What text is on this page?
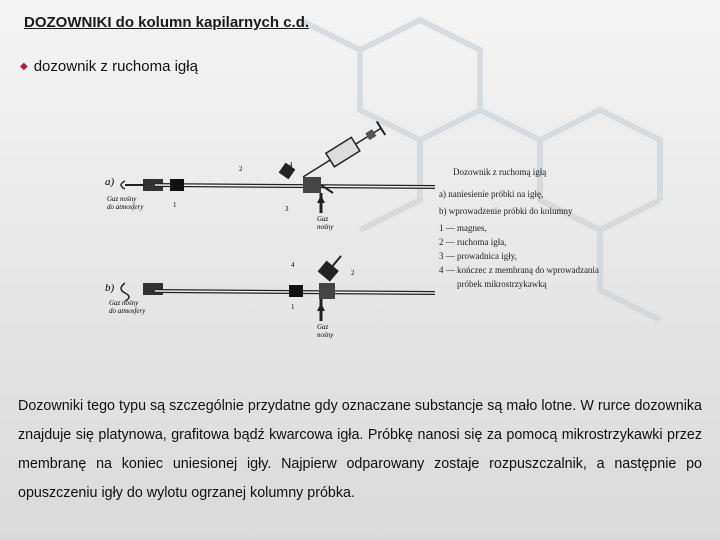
DOZOWNIKI do kolumn kapilarnych c.d.
◆ dozownik z ruchoma igłą
a)
Gaz
nośny
Gaz nośny
do atmosfery	1
2
3
4
b)
Gaz
nośny
Gaz nośny
do atmosfery	1
2
4
Dozownik z ruchomą igłą
a) naniesienie próbki na igłę,
b) wprowadzenie próbki do kolumny
1 — magnes,
2 — ruchoma igła,
3 — prowadnica igły,
4 — kończec z membraną do wprowadzania
próbek mikrostrzykawką
Dozowniki tego typu są szczególnie przydatne gdy oznaczane substancje są mało lotne. W rurce dozownika znajduje się platynowa, grafitowa bądź kwarcowa igła. Próbkę nanosi się za pomocą mikrostrzykawki przez membranę na koniec uniesionej igły. Najpierw odparowany zostaje rozpuszczalnik, a następnie po opuszczeniu igły do wylotu ogrzanej kolumny próbka.
